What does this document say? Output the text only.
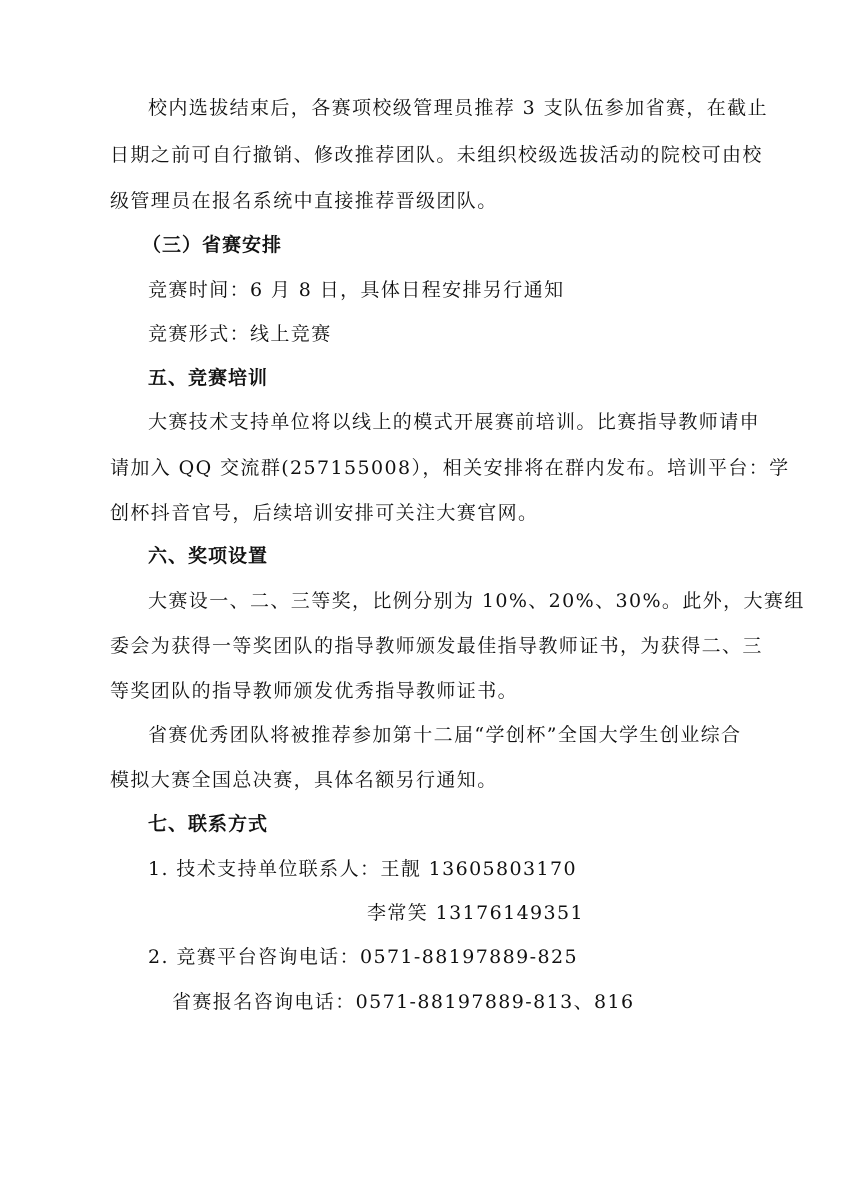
校内选拔结束后，各赛项校级管理员推荐 3 支队伍参加省赛，在截止
日期之前可自行撤销、修改推荐团队。未组织校级选拔活动的院校可由校
级管理员在报名系统中直接推荐晋级团队。
（三）省赛安排
竞赛时间：6 月 8 日，具体日程安排另行通知
竞赛形式：线上竞赛
五、竞赛培训
大赛技术支持单位将以线上的模式开展赛前培训。比赛指导教师请申
请加入 QQ 交流群(257155008），相关安排将在群内发布。培训平台：学
创杯抖音官号，后续培训安排可关注大赛官网。
六、奖项设置
大赛设一、二、三等奖，比例分别为 10%、20%、30%。此外，大赛组
委会为获得一等奖团队的指导教师颁发最佳指导教师证书，为获得二、三
等奖团队的指导教师颁发优秀指导教师证书。
省赛优秀团队将被推荐参加第十二届“学创杯”全国大学生创业综合
模拟大赛全国总决赛，具体名额另行通知。
七、联系方式
1. 技术支持单位联系人：王靓 13605803170
李常笑 13176149351
2. 竞赛平台咨询电话：0571-88197889-825
省赛报名咨询电话：0571-88197889-813、816
